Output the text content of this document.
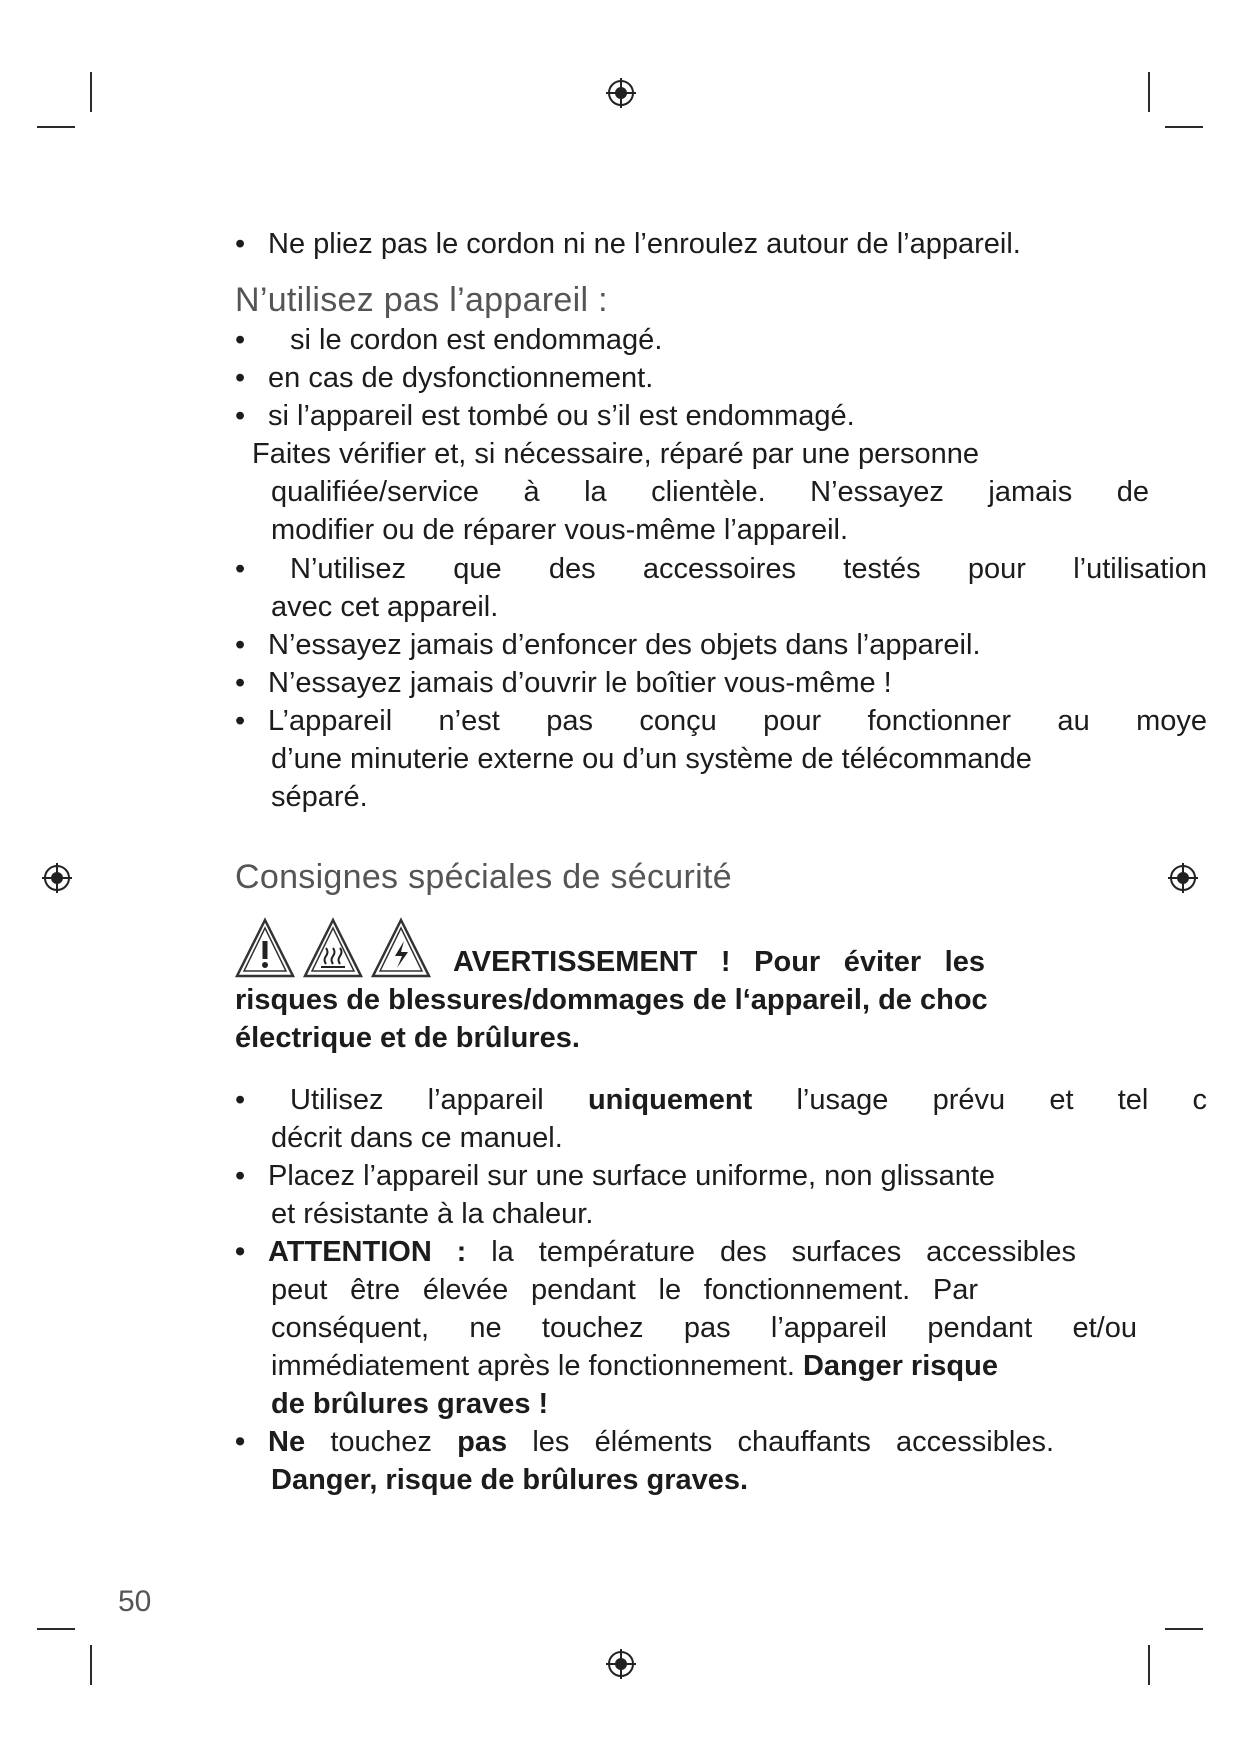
• Ne pliez pas le cordon ni ne l’enroulez autour de l’appareil.
N’utilisez pas l’appareil :
• si le cordon est endommagé.
• en cas de dysfonctionnement.
• si l’appareil est tombé ou s’il est endommagé.
Faites vérifier et, si nécessaire, réparé par une personne
qualifiée/service à la clientèle. N’essayez jamais de
modifier ou de réparer vous-même l’appareil.
• N’utilisez que des accessoires testés pour l’utilisation
avec cet appareil.
• N’essayez jamais d’enfoncer des objets dans l’appareil.
• N’essayez jamais d’ouvrir le boîtier vous-même !
• L’appareil n’est pas conçu pour fonctionner au moye
d’une minuterie externe ou d’un système de télécommande
séparé.
Consignes spéciales de sécurité
AVERTISSEMENT ! Pour éviter les
risques de blessures/dommages de l‘appareil, de choc
électrique et de brûlures.
• Utilisez l’appareil uniquement l’usage prévu et tel c
décrit dans ce manuel.
• Placez l’appareil sur une surface uniforme, non glissante
et résistante à la chaleur.
• ATTENTION : la température des surfaces accessibles
peut être élevée pendant le fonctionnement. Par
conséquent, ne touchez pas l’appareil pendant et/ou
immédiatement après le fonctionnement. Danger risque
de brûlures graves !
• Ne touchez pas les éléments chauffants accessibles.
Danger, risque de brûlures graves.
50
